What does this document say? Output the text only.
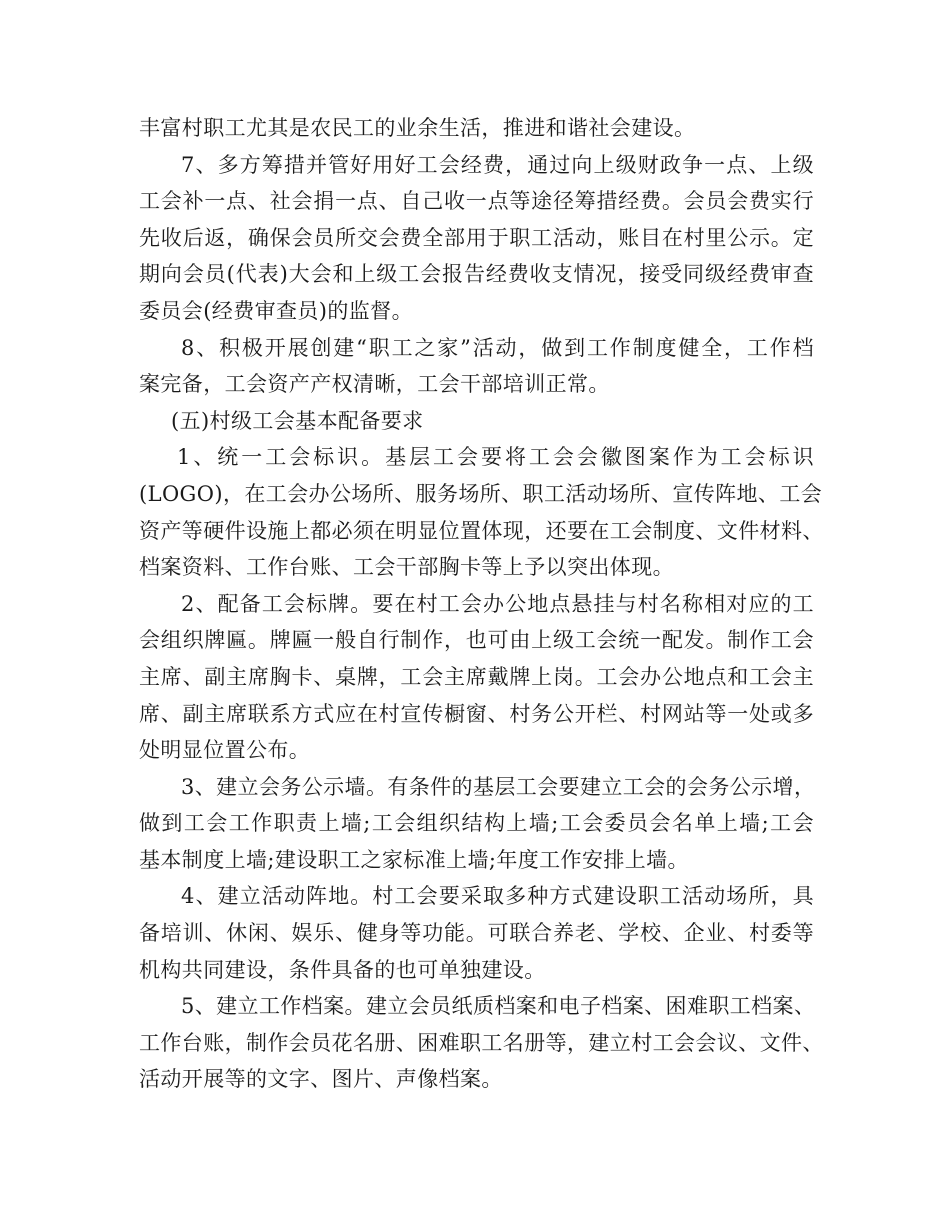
丰富村职工尤其是农民工的业余生活，推进和谐社会建设。
7、多方筹措并管好用好工会经费，通过向上级财政争一点、上级
工会补一点、社会捐一点、自己收一点等途径筹措经费。会员会费实行
先收后返，确保会员所交会费全部用于职工活动，账目在村里公示。定
期向会员(代表)大会和上级工会报告经费收支情况，接受同级经费审查
委员会(经费审查员)的监督。
8、积极开展创建“职工之家”活动，做到工作制度健全，工作档
案完备，工会资产产权清晰，工会干部培训正常。
(五)村级工会基本配备要求
1、统一工会标识。基层工会要将工会会徽图案作为工会标识
(LOGO)，在工会办公场所、服务场所、职工活动场所、宣传阵地、工会
资产等硬件设施上都必须在明显位置体现，还要在工会制度、文件材料、
档案资料、工作台账、工会干部胸卡等上予以突出体现。
2、配备工会标牌。要在村工会办公地点悬挂与村名称相对应的工
会组织牌匾。牌匾一般自行制作，也可由上级工会统一配发。制作工会
主席、副主席胸卡、桌牌，工会主席戴牌上岗。工会办公地点和工会主
席、副主席联系方式应在村宣传橱窗、村务公开栏、村网站等一处或多
处明显位置公布。
3、建立会务公示墙。有条件的基层工会要建立工会的会务公示增，
做到工会工作职责上墙;工会组织结构上墙;工会委员会名单上墙;工会
基本制度上墙;建设职工之家标准上墙;年度工作安排上墙。
4、建立活动阵地。村工会要采取多种方式建设职工活动场所，具
备培训、休闲、娱乐、健身等功能。可联合养老、学校、企业、村委等
机构共同建设，条件具备的也可单独建设。
5、建立工作档案。建立会员纸质档案和电子档案、困难职工档案、
工作台账，制作会员花名册、困难职工名册等，建立村工会会议、文件、
活动开展等的文字、图片、声像档案。
